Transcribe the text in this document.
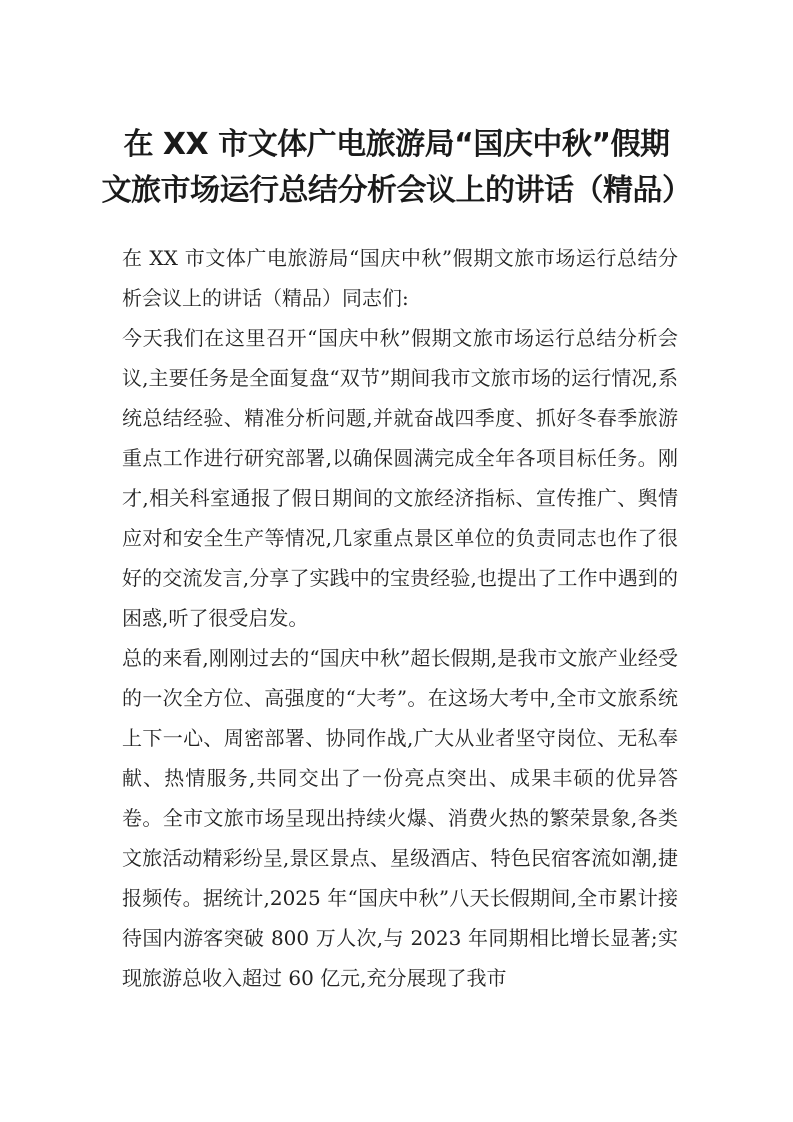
在 XX 市文体广电旅游局“国庆中秋”假期
文旅市场运行总结分析会议上的讲话（精品）

在 XX 市文体广电旅游局“国庆中秋”假期文旅市场运行总结分析会议上的讲话（精品）同志们:

今天我们在这里召开“国庆中秋”假期文旅市场运行总结分析会议,主要任务是全面复盘“双节”期间我市文旅市场的运行情况,系统总结经验、精准分析问题,并就奋战四季度、抓好冬春季旅游重点工作进行研究部署,以确保圆满完成全年各项目标任务。刚才,相关科室通报了假日期间的文旅经济指标、宣传推广、舆情应对和安全生产等情况,几家重点景区单位的负责同志也作了很好的交流发言,分享了实践中的宝贵经验,也提出了工作中遇到的困惑,听了很受启发。

总的来看,刚刚过去的“国庆中秋”超长假期,是我市文旅产业经受的一次全方位、高强度的“大考”。在这场大考中,全市文旅系统上下一心、周密部署、协同作战,广大从业者坚守岗位、无私奉献、热情服务,共同交出了一份亮点突出、成果丰硕的优异答卷。全市文旅市场呈现出持续火爆、消费火热的繁荣景象,各类文旅活动精彩纷呈,景区景点、星级酒店、特色民宿客流如潮,捷报频传。据统计,2025 年“国庆中秋”八天长假期间,全市累计接待国内游客突破 800 万人次,与 2023 年同期相比增长显著;实现旅游总收入超过 60 亿元,充分展现了我市
